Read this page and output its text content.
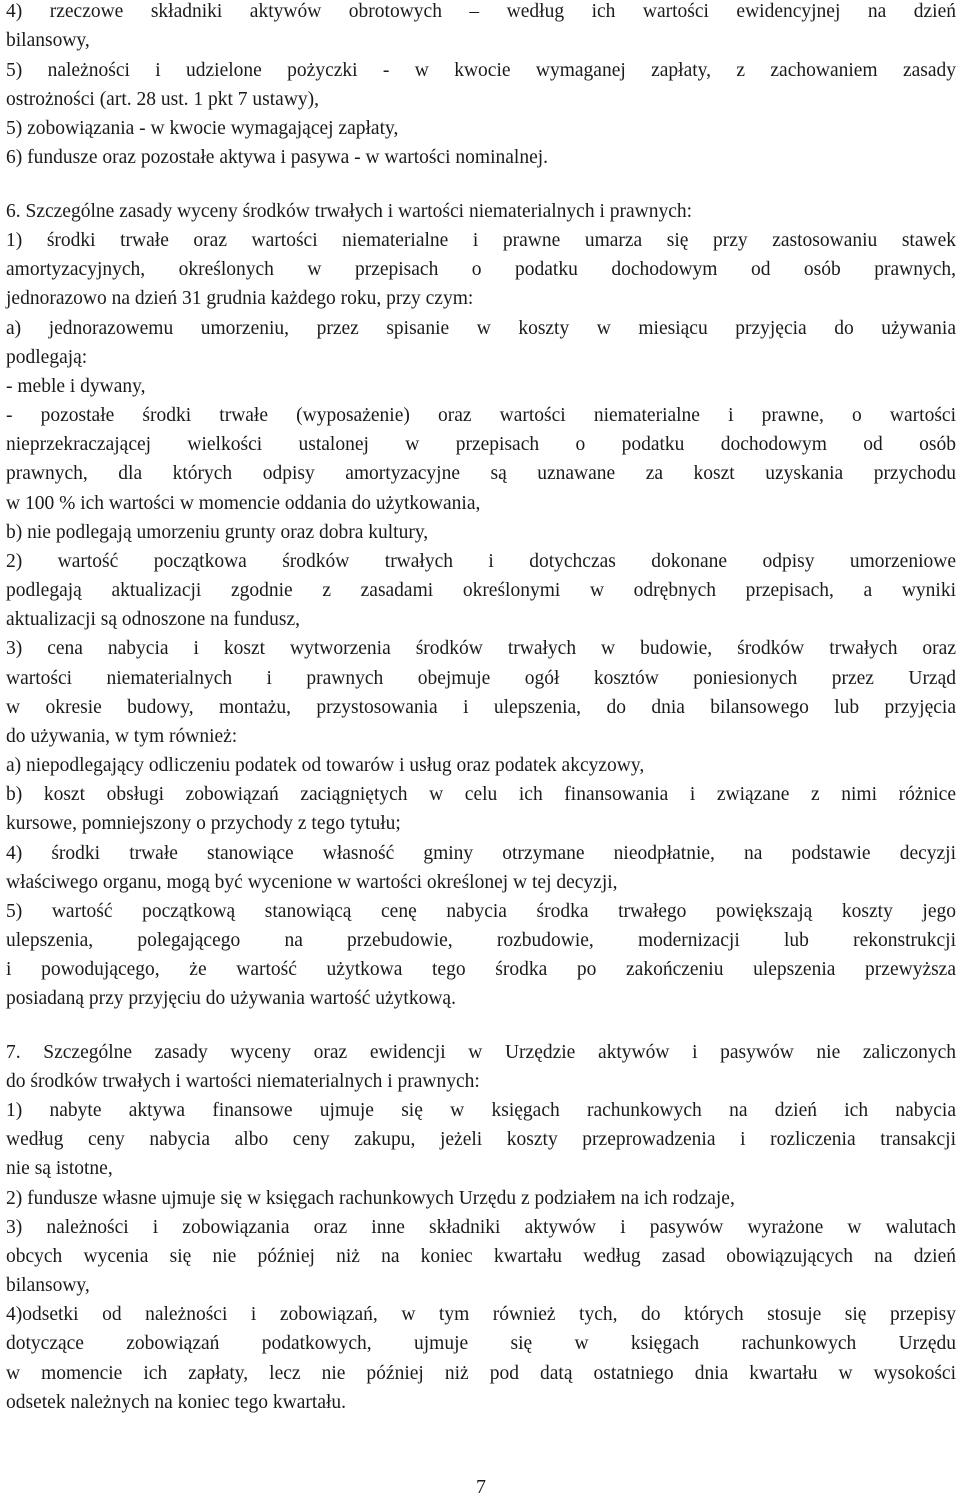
4) rzeczowe składniki aktywów obrotowych – według ich wartości ewidencyjnej na dzień
bilansowy,
5) należności i udzielone pożyczki - w kwocie wymaganej zapłaty, z zachowaniem zasady
ostrożności (art. 28 ust. 1 pkt 7 ustawy),
5) zobowiązania - w kwocie wymagającej zapłaty,
6) fundusze oraz pozostałe aktywa i pasywa - w wartości nominalnej.
6. Szczególne zasady wyceny środków trwałych i wartości niematerialnych i prawnych:
1) środki trwałe oraz wartości niematerialne i prawne umarza się przy zastosowaniu stawek
amortyzacyjnych, określonych w przepisach o podatku dochodowym od osób prawnych,
jednorazowo na dzień 31 grudnia każdego roku, przy czym:
a) jednorazowemu umorzeniu, przez spisanie w koszty w miesiącu przyjęcia do używania
podlegają:
- meble i dywany,
- pozostałe środki trwałe (wyposażenie) oraz wartości niematerialne i prawne, o wartości
nieprzekraczającej wielkości ustalonej w przepisach o podatku dochodowym od osób
prawnych, dla których odpisy amortyzacyjne są uznawane za koszt uzyskania przychodu
w 100 % ich wartości w momencie oddania do użytkowania,
b) nie podlegają umorzeniu grunty oraz dobra kultury,
2) wartość początkowa środków trwałych i dotychczas dokonane odpisy umorzeniowe
podlegają aktualizacji zgodnie z zasadami określonymi w odrębnych przepisach, a wyniki
aktualizacji są odnoszone na fundusz,
3) cena nabycia i koszt wytworzenia środków trwałych w budowie, środków trwałych oraz
wartości niematerialnych i prawnych obejmuje ogół kosztów poniesionych przez Urząd
w okresie budowy, montażu, przystosowania i ulepszenia, do dnia bilansowego lub przyjęcia
do używania, w tym również:
a) niepodlegający odliczeniu podatek od towarów i usług oraz podatek akcyzowy,
b) koszt obsługi zobowiązań zaciągniętych w celu ich finansowania i związane z nimi różnice
kursowe, pomniejszony o przychody z tego tytułu;
4) środki trwałe stanowiące własność gminy otrzymane nieodpłatnie, na podstawie decyzji
właściwego organu, mogą być wycenione w wartości określonej w tej decyzji,
5) wartość początkową stanowiącą cenę nabycia środka trwałego powiększają koszty jego
ulepszenia, polegającego na przebudowie, rozbudowie, modernizacji lub rekonstrukcji
i powodującego, że wartość użytkowa tego środka po zakończeniu ulepszenia przewyższa
posiadaną przy przyjęciu do używania wartość użytkową.
7. Szczególne zasady wyceny oraz ewidencji w Urzędzie aktywów i pasywów nie zaliczonych
do środków trwałych i wartości niematerialnych i prawnych:
1) nabyte aktywa finansowe ujmuje się w księgach rachunkowych na dzień ich nabycia
według ceny nabycia albo ceny zakupu, jeżeli koszty przeprowadzenia i rozliczenia transakcji
nie są istotne,
2) fundusze własne ujmuje się w księgach rachunkowych Urzędu z podziałem na ich rodzaje,
3) należności i zobowiązania oraz inne składniki aktywów i pasywów wyrażone w walutach
obcych wycenia się nie później niż na koniec kwartału według zasad obowiązujących na dzień
bilansowy,
4)odsetki od należności i zobowiązań, w tym również tych, do których stosuje się przepisy
dotyczące zobowiązań podatkowych, ujmuje się w księgach rachunkowych Urzędu
w momencie ich zapłaty, lecz nie później niż pod datą ostatniego dnia kwartału w wysokości
odsetek należnych na koniec tego kwartału.
7
